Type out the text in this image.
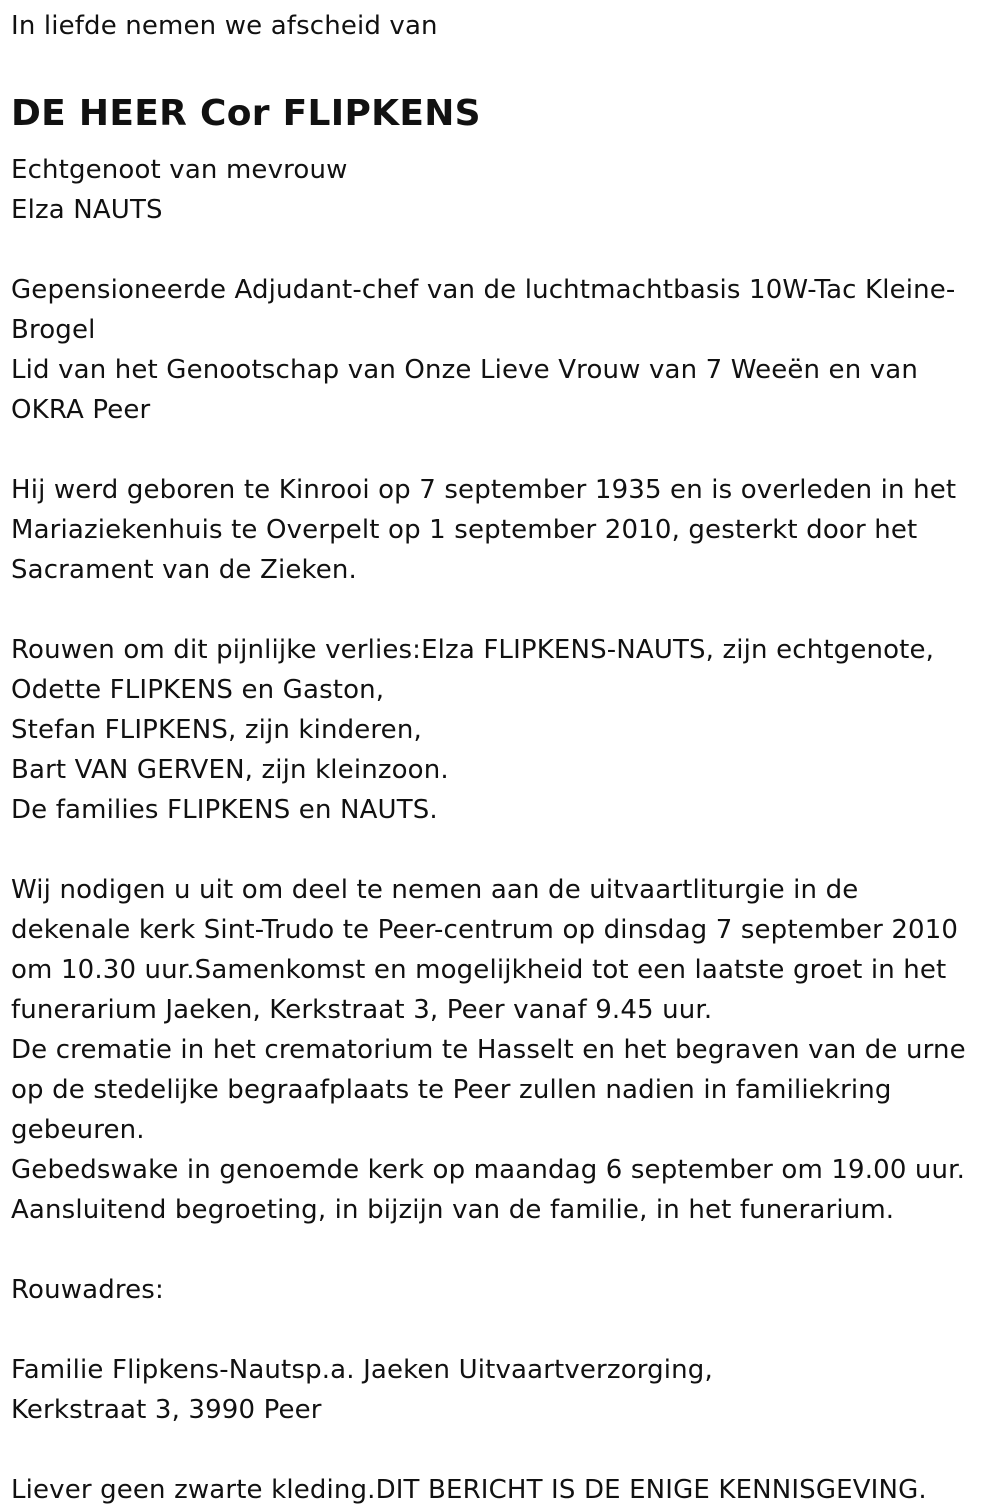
In liefde nemen we afscheid van
DE HEER Cor FLIPKENS
Echtgenoot van mevrouw
Elza NAUTS
Gepensioneerde Adjudant-chef van de luchtmachtbasis 10W-Tac Kleine-
Brogel
Lid van het Genootschap van Onze Lieve Vrouw van 7 Weeën en van
OKRA Peer
Hij werd geboren te Kinrooi op 7 september 1935 en is overleden in het
Mariaziekenhuis te Overpelt op 1 september 2010, gesterkt door het
Sacrament van de Zieken.
Rouwen om dit pijnlijke verlies:Elza FLIPKENS-NAUTS, zijn echtgenote,
Odette FLIPKENS en Gaston,
Stefan FLIPKENS, zijn kinderen,
Bart VAN GERVEN, zijn kleinzoon.
De families FLIPKENS en NAUTS.
Wij nodigen u uit om deel te nemen aan de uitvaartliturgie in de
dekenale kerk Sint-Trudo te Peer-centrum op dinsdag 7 september 2010
om 10.30 uur.Samenkomst en mogelijkheid tot een laatste groet in het
funerarium Jaeken, Kerkstraat 3, Peer vanaf 9.45 uur.
De crematie in het crematorium te Hasselt en het begraven van de urne
op de stedelijke begraafplaats te Peer zullen nadien in familiekring
gebeuren.
Gebedswake in genoemde kerk op maandag 6 september om 19.00 uur.
Aansluitend begroeting, in bijzijn van de familie, in het funerarium.
Rouwadres:
Familie Flipkens-Nautsp.a. Jaeken Uitvaartverzorging,
Kerkstraat 3, 3990 Peer
Liever geen zwarte kleding.DIT BERICHT IS DE ENIGE KENNISGEVING.
